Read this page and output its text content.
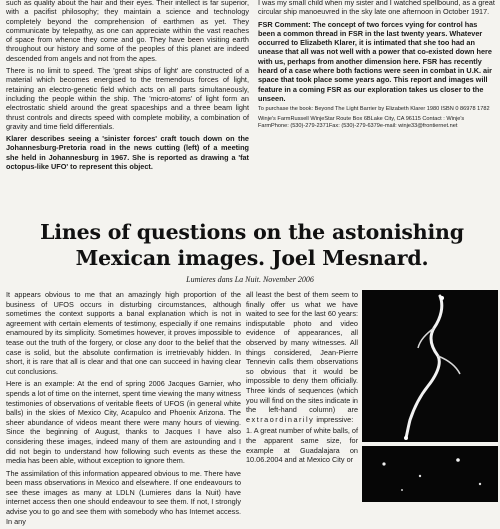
such as quality about the hair and their eyes. Their intellect is far superior, with a pacifist philosophy; they maintain a science and technology completely beyond the comprehension of earthmen as yet. They communicate by telepathy, as one can appreciate within the vast reaches of space from whence they come and go. They have been visiting earth throughout our history and some of the peoples of this planet are indeed descended from angels and not from the apes.

There is no limit to speed. The 'great ships of light' are constructed of a material which becomes energised to the tremendous forces of light, retaining an electro-genetic field which acts on all parts simultaneously, including the people within the ship. The 'micro-atoms' of light form an electrostatic shield around the great spaceships and a three beam light thrust controls and directs speed with complete mobility, a combination of gravity and time field differentials.

Klarer describes seeing a 'sinister forces' craft touch down on the Johannesburg-Pretoria road in the news cutting (left) of a meeting she held in Johannesburg in 1967. She is reported as drawing a 'fat octopus-like UFO' to represent this object.

I was my small child when my sister and I watched spellbound, as a great circular ship manoeuvred in the sky late one afternoon in October 1917.

FSR Comment: The concept of two forces vying for control has been a common thread in FSR in the last twenty years. Whatever occurred to Elizabeth Klarer, it is intimated that she too had an unease that all was not well with a power that co-existed down here with us, perhaps from another dimension here. FSR has recently heard of a case where both factions were seen in combat in U.K. air space that took place some years ago. This report and images will feature in a coming FSR as our exploration takes us closer to the unseen.

To purchase the book: Beyond The Light Barrier by Elizabeth Klarer 1980 ISBN 0 86978 1782

Winje's FarmRussell WinjeStar Route Box 6BLake City, CA 96115 Contact : Winje's FarmPhone: (530)-279-2371Fax: (530)-279-6379e-mail: winje33@frontiernet.net

Lines of questions on the astonishing Mexican images. Joel Mesnard.
Lumieres dans La Nuit. November 2006

It appears obvious to me that an amazingly high proportion of the business of UFOS occurs in disturbing circumstances, although sometimes the context supports a banal explanation which is not in agreement with certain elements of testimony, especially if one remains enamoured by its simplicity. Sometimes however, it proves impossible to tease out the truth of the forgery, or close any door to the belief that the case is solid, but the absolute confirmation is irretrievably hidden. In short, it is rare that all is clear and that one can succeed in having clear cut conclusions.

Here is an example: At the end of spring 2006 Jacques Garnier, who spends a lot of time on the internet, spent time viewing the many witness testimonies of observations of veritable fleets of UFOS (in general white balls) in the skies of Mexico City, Acapulco and Phoenix Arizona. The sheer abundance of videos meant there were many hours of viewing. Since the beginning of August, thanks to Jacques I have also considering these images, indeed many of them are astounding and I did not begin to understand how following such events as these the media has been able, without exception to ignore them.

The assimilation of this information appeared obvious to me. There have been mass observations in Mexico and elsewhere. If one endeavours to see these images as many at LDLN (Lumieres dans la Nuit) have internet access then one should endeavour to see them. If not, I strongly advise you to go and see them with somebody who has Internet access. In any

all least the best of them seem to finally offer us what we have waited to see for the last 60 years: indisputable photo and video evidence of appearances, all observed by many witnesses. All things considered, Jean-Pierre Tennevin calls them observations so obvious that it would be impossible to deny them officially. Three kinds of sequences (which you will find on the sites indicate in the left-hand column) are extraordinarily impressive:

1. A great number of white balls, of the apparent same size, for example at Guadalajara on 10.06.2004 and at Mexico City or
